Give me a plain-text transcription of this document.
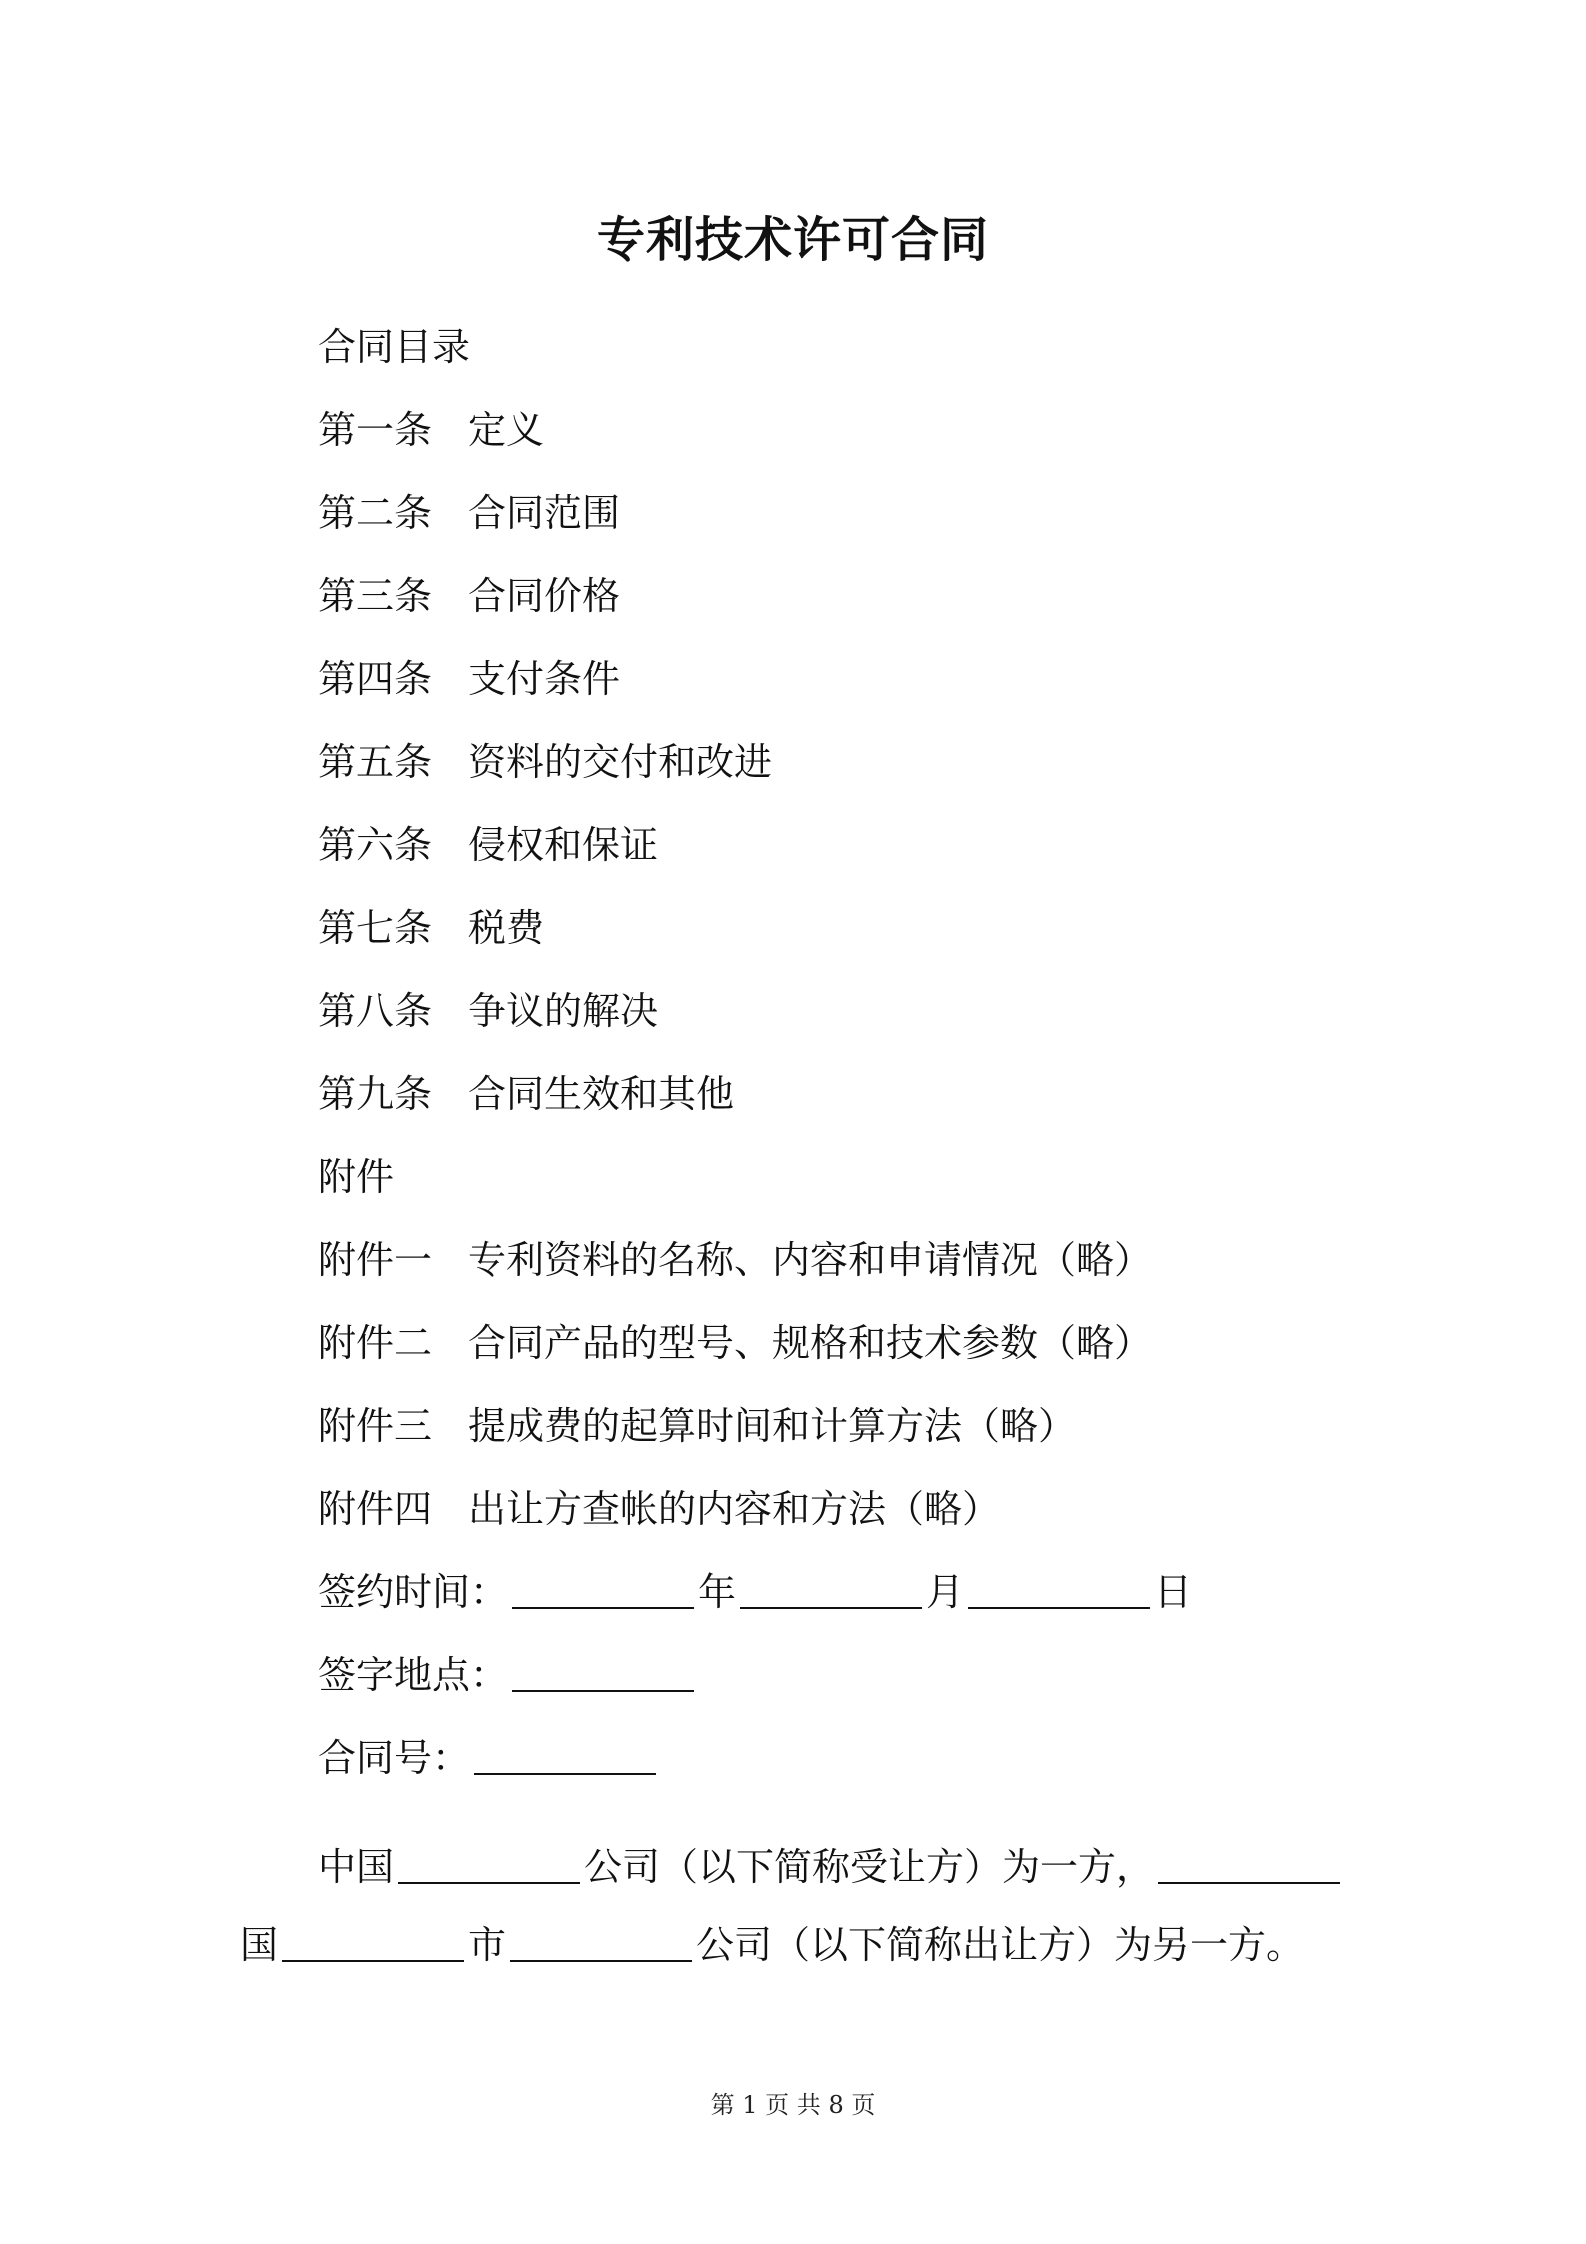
专利技术许可合同
合同目录
第一条 定义
第二条 合同范围
第三条 合同价格
第四条 支付条件
第五条 资料的交付和改进
第六条 侵权和保证
第七条 税费
第八条 争议的解决
第九条 合同生效和其他
附件
附件一 专利资料的名称、内容和申请情况（略）
附件二 合同产品的型号、规格和技术参数（略）
附件三 提成费的起算时间和计算方法（略）
附件四 出让方查帐的内容和方法（略）
签约时间：	年	月	日
签字地点：
合同号：
中国	公司（以下简称受让方）为一方，
国	市	公司（以下简称出让方）为另一方。
第 1 页 共 8 页
